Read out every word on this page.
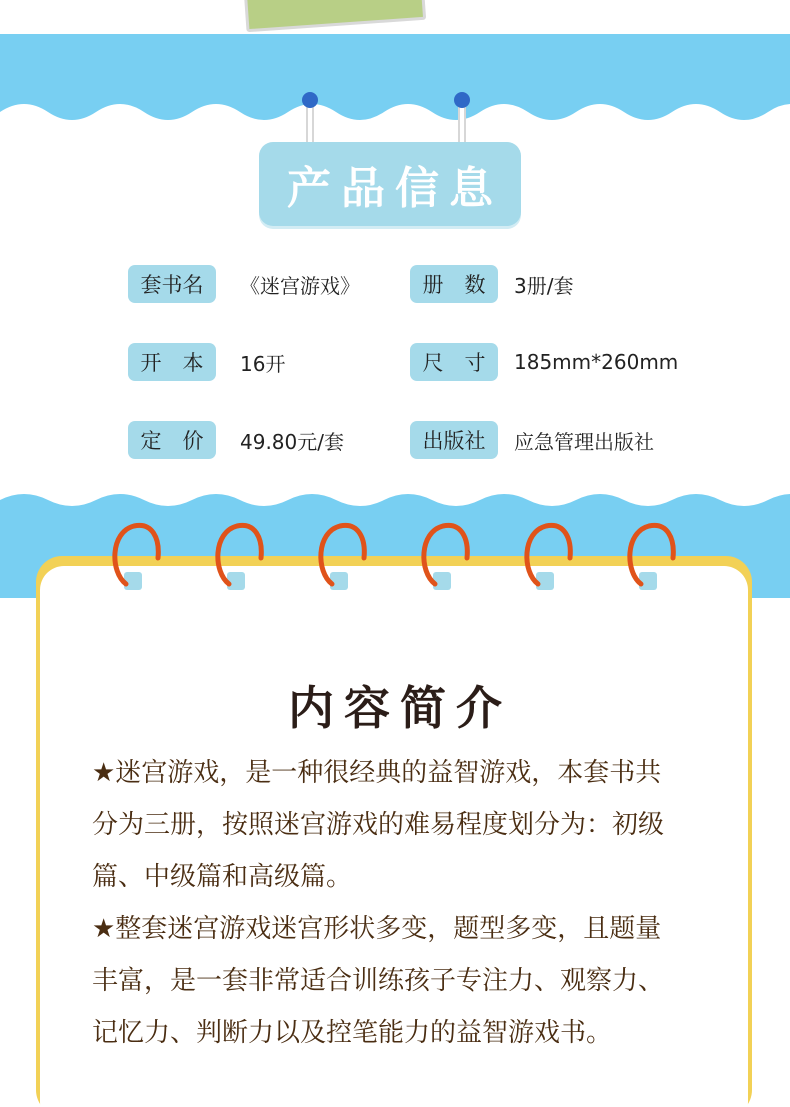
产品信息
套书名	《迷宫游戏》	册　数	3册/套
开　本	16开	尺　寸	185mm*260mm
定　价	49.80元/套	出版社	应急管理出版社
内容简介
★迷宫游戏，是一种很经典的益智游戏，本套书共
分为三册，按照迷宫游戏的难易程度划分为：初级
篇、中级篇和高级篇。
★整套迷宫游戏迷宫形状多变，题型多变，且题量
丰富，是一套非常适合训练孩子专注力、观察力、
记忆力、判断力以及控笔能力的益智游戏书。
